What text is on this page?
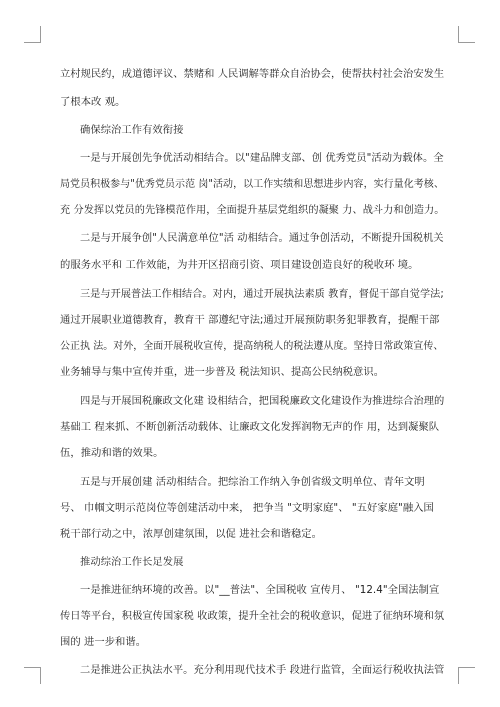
立村规民约，成道德评议、禁赌和 人民调解等群众自治协会，使帮扶村社会治安发生
了根本改 观。
确保综治工作有效衔接
一是与开展创先争优活动相结合。以"建品牌支部、创 优秀党员"活动为载体。全
局党员积极参与"优秀党员示范 岗"活动，以工作实绩和思想进步内容，实行量化考核、
充 分发挥以党员的先锋模范作用，全面提升基层党组织的凝聚 力、战斗力和创造力。
二是与开展争创"人民满意单位"活 动相结合。通过争创活动，不断提升国税机关
的服务水平和 工作效能，为井开区招商引资、项目建设创造良好的税收环 境。
三是与开展普法工作相结合。对内，通过开展执法素质 教育，督促干部自觉学法;
通过开展职业道德教育，教育干 部遵纪守法;通过开展预防职务犯罪教育，提醒干部
公正执 法。对外，全面开展税收宣传，提高纳税人的税法遵从度。坚持日常政策宣传、
业务辅导与集中宣传并重，进一步普及 税法知识、提高公民纳税意识。
四是与开展国税廉政文化建 设相结合，把国税廉政文化建设作为推进综合治理的
基础工 程来抓、不断创新活动载体、让廉政文化发挥润物无声的作 用，达到凝聚队
伍，推动和谐的效果。
五是与开展创建 活动相结合。把综治工作纳入争创省级文明单位、青年文明
号、 巾帼文明示范岗位等创建活动中来， 把争当 "文明家庭"、 "五好家庭"融入国
税干部行动之中，浓厚创建氛围，以促 进社会和谐稳定。
推动综治工作长足发展
一是推进征纳环境的改善。以"__普法"、全国税收 宣传月、 "12.4"全国法制宣
传日等平台，积极宣传国家税 收政策，提升全社会的税收意识，促进了征纳环境和氛
围的 进一步和谐。
二是推进公正执法水平。充分利用现代技术手 段进行监管，全面运行税收执法管
